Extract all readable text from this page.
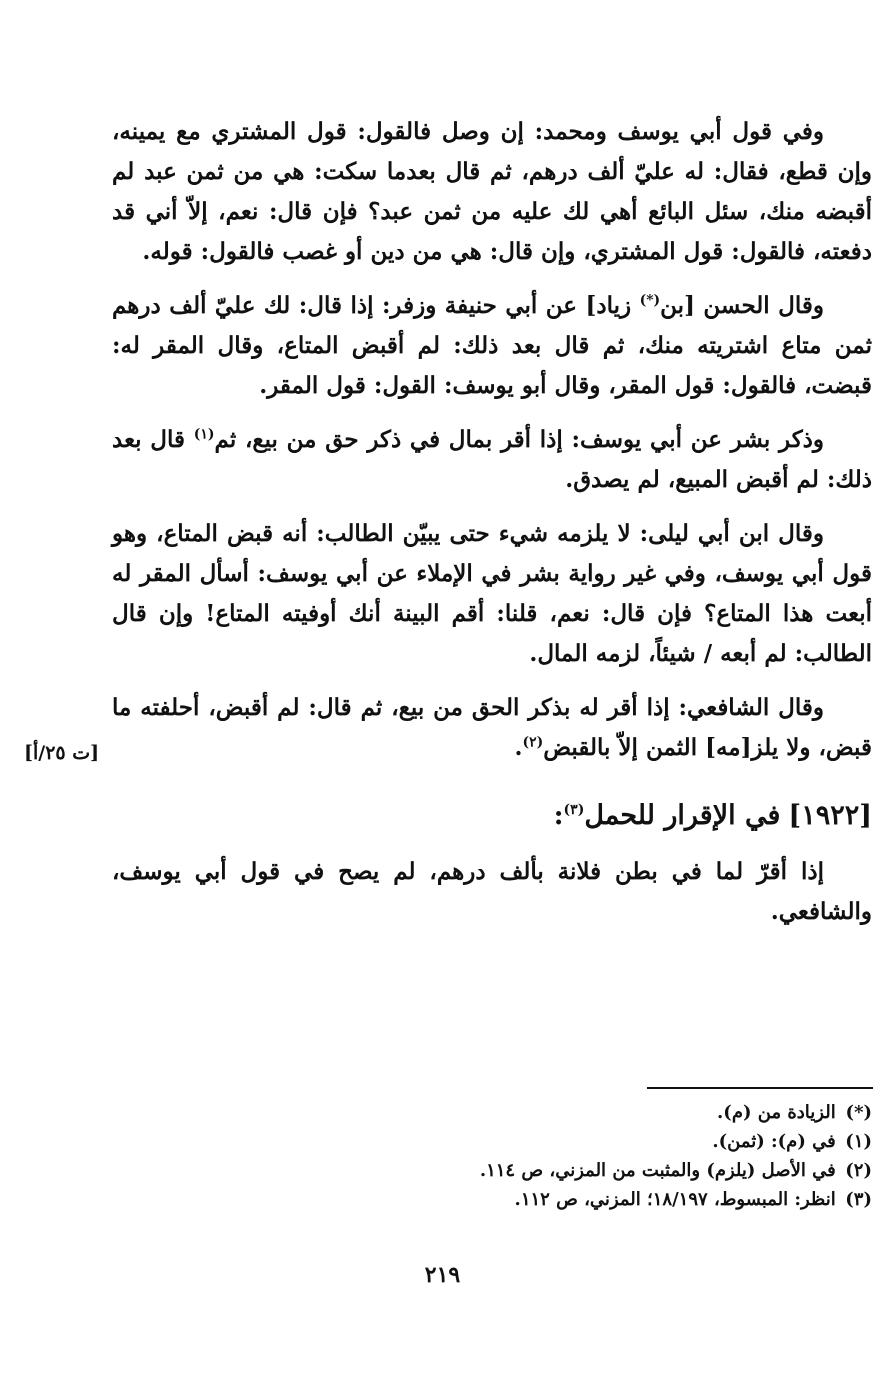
وفي قول أبي يوسف ومحمد: إن وصل فالقول: قول المشتري مع يمينه، وإن قطع، فقال: له عليّ ألف درهم، ثم قال بعدما سكت: هي من ثمن عبد لم أقبضه منك، سئل البائع أهي لك عليه من ثمن عبد؟ فإن قال: نعم، إلاّ أني قد دفعته، فالقول: قول المشتري، وإن قال: هي من دين أو غصب فالقول: قوله.

وقال الحسن [بن(*) زياد] عن أبي حنيفة وزفر: إذا قال: لك عليّ ألف درهم ثمن متاع اشتريته منك، ثم قال بعد ذلك: لم أقبض المتاع، وقال المقر له: قبضت، فالقول: قول المقر، وقال أبو يوسف: القول: قول المقر.

وذكر بشر عن أبي يوسف: إذا أقر بمال في ذكر حق من بيع، ثم$^{(١)}$ قال بعد ذلك: لم أقبض المبيع، لم يصدق.

وقال ابن أبي ليلى: لا يلزمه شيء حتى يبيّن الطالب: أنه قبض المتاع، وهو قول أبي يوسف، وفي غير رواية بشر في الإملاء عن أبي يوسف: أسأل المقر له أبعت هذا المتاع؟ فإن قال: نعم، قلنا: أقم البينة أنك أوفيته المتاع! وإن قال الطالب: لم أبعه / شيئاً، لزمه المال.

وقال الشافعي: إذا أقر له بذكر الحق من بيع، ثم قال: لم أقبض، أحلفته ما قبض، ولا يلز[مه] الثمن إلاّ بالقبض$^{(٢)}$.

[١٩٢٢]في الإقرار للحمل$^{(٣)}$:

إذا أقرّ لما في بطن فلانة بألف درهم، لم يصح في قول أبي يوسف، والشافعي.

[ت ٢٥/أ]

(*) الزيادة من (م).

(١) في (م): (ثمن).

(٢) في الأصل (يلزم) والمثبت من المزني، ص ١١٤.

(٣) انظر: المبسوط، ١٨/١٩٧؛ المزني، ص ١١٢.

٢١٩
